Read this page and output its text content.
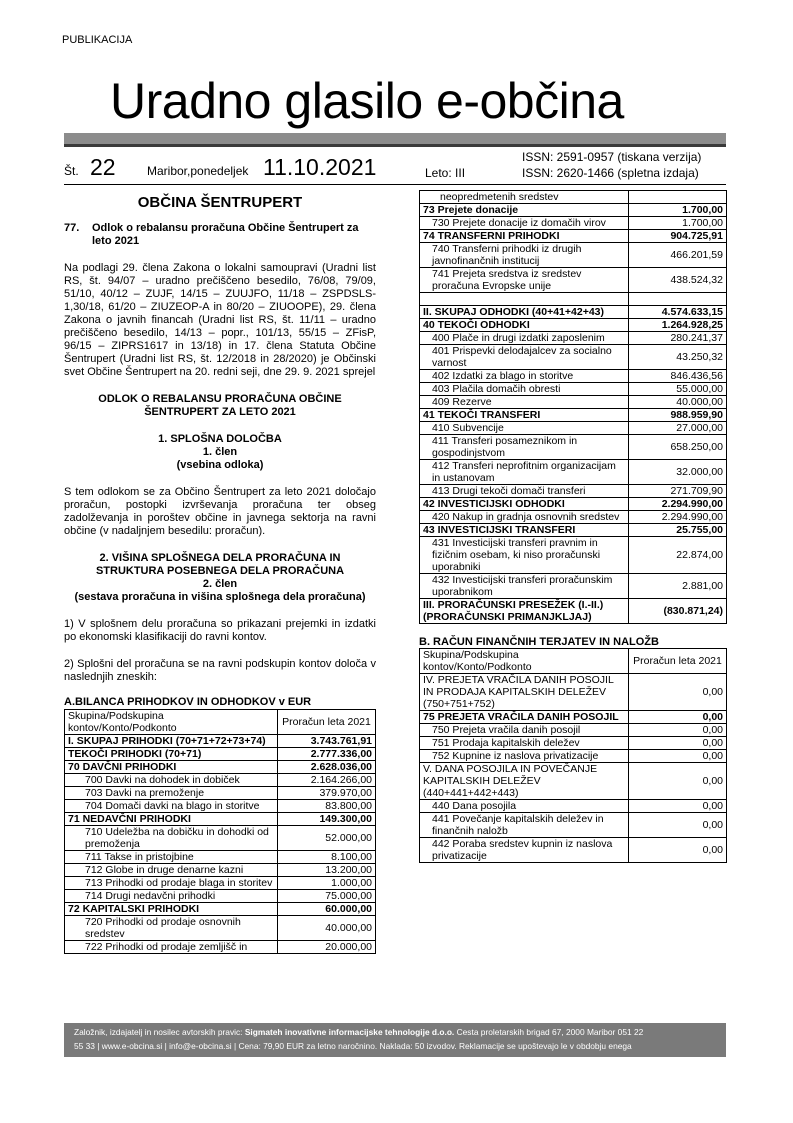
PUBLIKACIJA
Uradno glasilo e-občina
Št. 22	Maribor,ponedeljek 11.10.2021	Leto: III
ISSN: 2591-0957 (tiskana verzija)
ISSN: 2620-1466 (spletna izdaja)
OBČINA ŠENTRUPERT
77.	Odlok o rebalansu proračuna Občine Šentrupert za leto 2021
Na podlagi 29. člena Zakona o lokalni samoupravi (Uradni list RS, št. 94/07 – uradno prečiščeno besedilo, 76/08, 79/09, 51/10, 40/12 – ZUJF, 14/15 – ZUUJFO, 11/18 – ZSPDSLS-1,30/18, 61/20 – ZIUZEOP-A in 80/20 – ZIUOOPE), 29. člena Zakona o javnih financah (Uradni list RS, št. 11/11 – uradno prečiščeno besedilo, 14/13 – popr., 101/13, 55/15 – ZFisP, 96/15 – ZIPRS1617 in 13/18) in 17. člena Statuta Občine Šentrupert (Uradni list RS, št. 12/2018 in 28/2020) je Občinski svet Občine Šentrupert na 20. redni seji, dne 29. 9. 2021 sprejel
ODLOK O REBALANSU PRORAČUNA OBČINE
ŠENTRUPERT ZA LETO 2021
1. SPLOŠNA DOLOČBA
1. člen
(vsebina odloka)
S tem odlokom se za Občino Šentrupert za leto 2021 določajo proračun, postopki izvrševanja proračuna ter obseg zadolževanja in poroštev občine in javnega sektorja na ravni občine (v nadaljnjem besedilu: proračun).
2. VIŠINA SPLOŠNEGA DELA PRORAČUNA IN
STRUKTURA POSEBNEGA DELA PRORAČUNA
2. člen
(sestava proračuna in višina splošnega dela proračuna)
1) V splošnem delu proračuna so prikazani prejemki in izdatki po ekonomski klasifikaciji do ravni kontov.
2) Splošni del proračuna se na ravni podskupin kontov določa v naslednjih zneskih:
A.BILANCA PRIHODKOV IN ODHODKOV v EUR
Skupina/Podskupina kontov/Konto/Podkonto	Proračun leta 2021
I. SKUPAJ PRIHODKI (70+71+72+73+74)	3.743.761,91
TEKOČI PRIHODKI (70+71)	2.777.336,00
70 DAVČNI PRIHODKI	2.628.036,00
700 Davki na dohodek in dobiček	2.164.266,00
703 Davki na premoženje	379.970,00
704 Domači davki na blago in storitve	83.800,00
71 NEDAVČNI PRIHODKI	149.300,00
710 Udeležba na dobičku in dohodki od premoženja	52.000,00
711 Takse in pristojbine	8.100,00
712 Globe in druge denarne kazni	13.200,00
713 Prihodki od prodaje blaga in storitev	1.000,00
714 Drugi nedavčni prihodki	75.000,00
72 KAPITALSKI PRIHODKI	60.000,00
720 Prihodki od prodaje osnovnih sredstev	40.000,00
722 Prihodki od prodaje zemljišč in	20.000,00
neopredmetenih sredstev	
73 Prejete donacije	1.700,00
730 Prejete donacije iz domačih virov	1.700,00
74 TRANSFERNI PRIHODKI	904.725,91
740 Transferni prihodki iz drugih javnofinančnih institucij	466.201,59
741 Prejeta sredstva iz sredstev proračuna Evropske unije	438.524,32

II. SKUPAJ ODHODKI (40+41+42+43)	4.574.633,15
40 TEKOČI ODHODKI	1.264.928,25
400 Plače in drugi izdatki zaposlenim	280.241,37
401 Prispevki delodajalcev za socialno varnost	43.250,32
402 Izdatki za blago in storitve	846.436,56
403 Plačila domačih obresti	55.000,00
409 Rezerve	40.000,00
41 TEKOČI TRANSFERI	988.959,90
410 Subvencije	27.000,00
411 Transferi posameznikom in gospodinjstvom	658.250,00
412 Transferi neprofitnim organizacijam in ustanovam	32.000,00
413 Drugi tekoči domači transferi	271.709,90
42 INVESTICIJSKI ODHODKI	2.294.990,00
420 Nakup in gradnja osnovnih sredstev	2.294.990,00
43 INVESTICIJSKI TRANSFERI	25.755,00
431 Investicijski transferi pravnim in fizičnim osebam, ki niso proračunski uporabniki	22.874,00
432 Investicijski transferi proračunskim uporabnikom	2.881,00
III. PRORAČUNSKI PRESEŽEK (I.-II.) (PRORAČUNSKI PRIMANJKLJAJ)	(830.871,24)
B. RAČUN FINANČNIH TERJATEV IN NALOŽB
Skupina/Podskupina kontov/Konto/Podkonto	Proračun leta 2021
IV. PREJETA VRAČILA DANIH POSOJIL IN PRODAJA KAPITALSKIH DELEŽEV (750+751+752)	0,00
75 PREJETA VRAČILA DANIH POSOJIL	0,00
750 Prejeta vračila danih posojil	0,00
751 Prodaja kapitalskih deležev	0,00
752 Kupnine iz naslova privatizacije	0,00
V. DANA POSOJILA IN POVEČANJE KAPITALSKIH DELEŽEV (440+441+442+443)	0,00
440 Dana posojila	0,00
441 Povečanje kapitalskih deležev in finančnih naložb	0,00
442 Poraba sredstev kupnin iz naslova privatizacije	0,00
Založnik, izdajatelj in nosilec avtorskih pravic: Sigmateh inovativne informacijske tehnologije d.o.o. Cesta proletarskih brigad 67, 2000 Maribor 051 22
55 33 | www.e-obcina.si | info@e-obcina.si | Cena: 79,90 EUR za letno naročnino. Naklada: 50 izvodov. Reklamacije se upoštevajo le v obdobju enega
